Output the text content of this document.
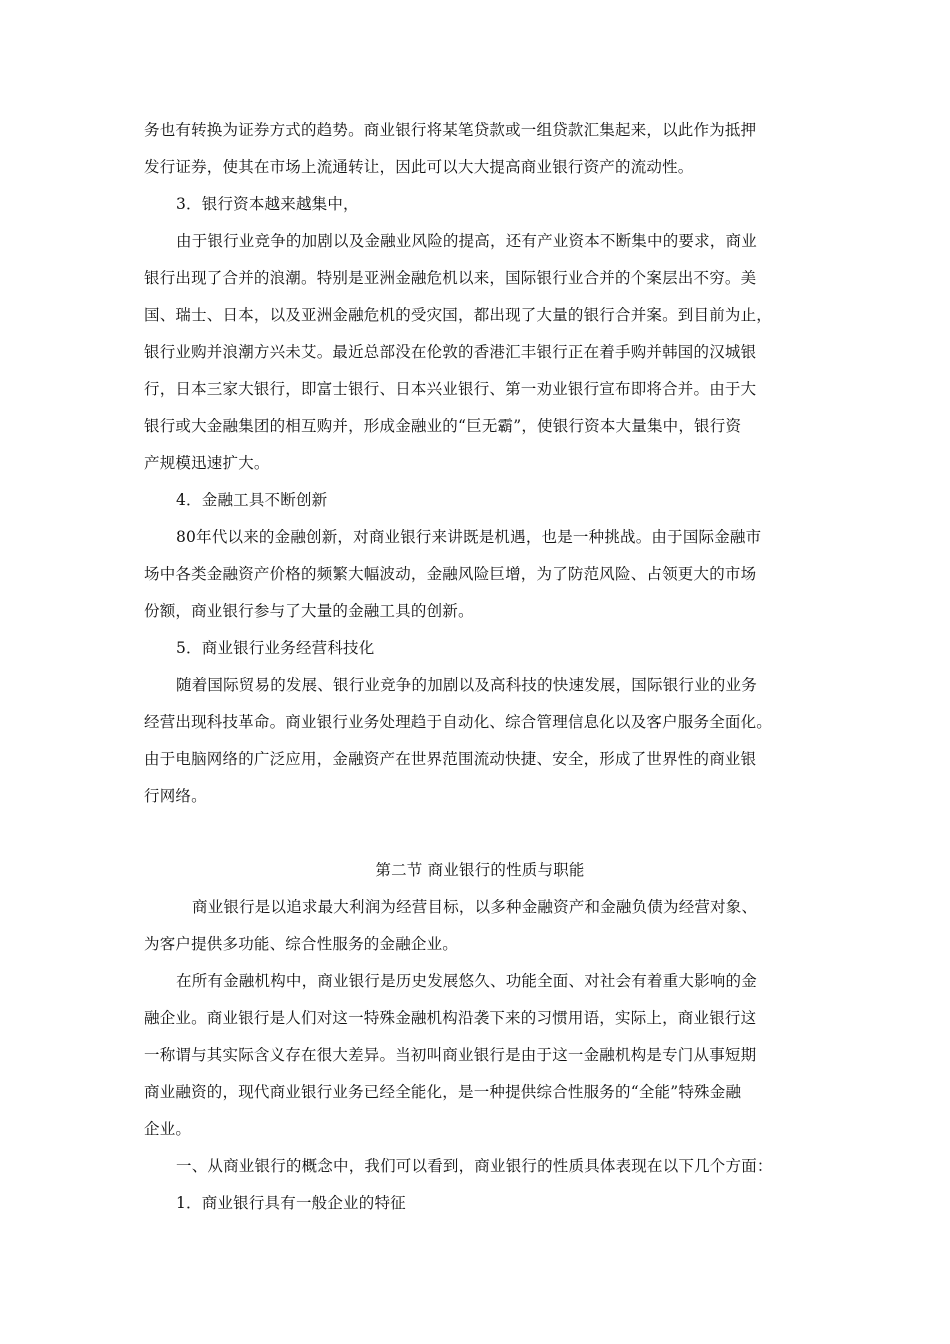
务也有转换为证券方式的趋势。商业银行将某笔贷款或一组贷款汇集起来，以此作为抵押
发行证券，使其在市场上流通转让，因此可以大大提高商业银行资产的流动性。
3．银行资本越来越集中，
由于银行业竞争的加剧以及金融业风险的提高，还有产业资本不断集中的要求，商业
银行出现了合并的浪潮。特别是亚洲金融危机以来，国际银行业合并的个案层出不穷。美
国、瑞士、日本，以及亚洲金融危机的受灾国，都出现了大量的银行合并案。到目前为止，
银行业购并浪潮方兴未艾。最近总部没在伦敦的香港汇丰银行正在着手购并韩国的汉城银
行，日本三家大银行，即富士银行、日本兴业银行、第一劝业银行宣布即将合并。由于大
银行或大金融集团的相互购并，形成金融业的“巨无霸”，使银行资本大量集中，银行资
产规模迅速扩大。
4．金融工具不断创新
80年代以来的金融创新，对商业银行来讲既是机遇，也是一种挑战。由于国际金融市
场中各类金融资产价格的频繁大幅波动，金融风险巨增，为了防范风险、占领更大的市场
份额，商业银行参与了大量的金融工具的创新。
5．商业银行业务经营科技化
随着国际贸易的发展、银行业竞争的加剧以及高科技的快速发展，国际银行业的业务
经营出现科技革命。商业银行业务处理趋于自动化、综合管理信息化以及客户服务全面化。
由于电脑网络的广泛应用，金融资产在世界范围流动快捷、安全，形成了世界性的商业银
行网络。
第二节 商业银行的性质与职能
商业银行是以追求最大利润为经营目标，以多种金融资产和金融负债为经营对象、
为客户提供多功能、综合性服务的金融企业。
在所有金融机构中，商业银行是历史发展悠久、功能全面、对社会有着重大影响的金
融企业。商业银行是人们对这一特殊金融机构沿袭下来的习惯用语，实际上，商业银行这
一称谓与其实际含义存在很大差异。当初叫商业银行是由于这一金融机构是专门从事短期
商业融资的，现代商业银行业务已经全能化，是一种提供综合性服务的“全能”特殊金融
企业。
一、从商业银行的概念中，我们可以看到，商业银行的性质具体表现在以下几个方面：
1．商业银行具有一般企业的特征
